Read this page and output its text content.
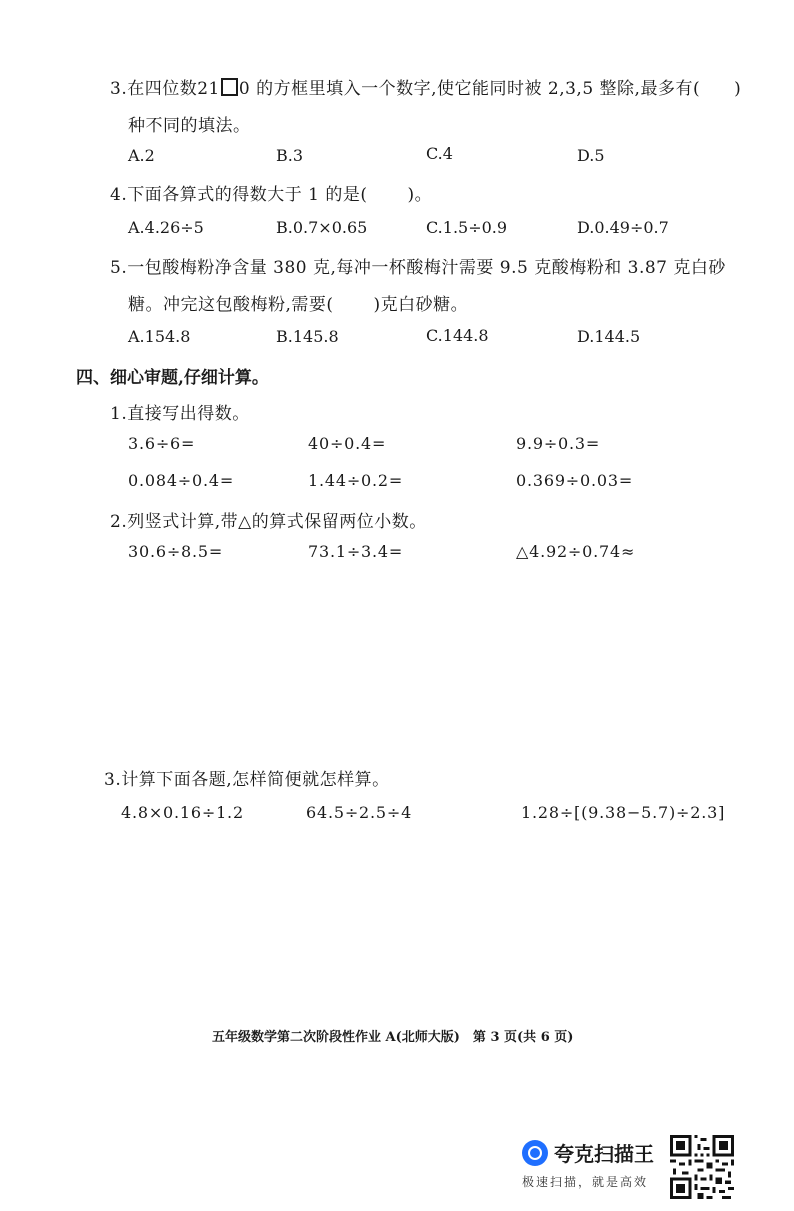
3.在四位数21 0 的方框里填入一个数字,使它能同时被 2,3,5 整除,最多有( )
种不同的填法。
A.2	B.3	C.4	D.5
4.下面各算式的得数大于 1 的是( )。
A.4.26÷5	B.0.7×0.65	C.1.5÷0.9	D.0.49÷0.7
5.一包酸梅粉净含量 380 克,每冲一杯酸梅汁需要 9.5 克酸梅粉和 3.87 克白砂
糖。冲完这包酸梅粉,需要( )克白砂糖。
A.154.8	B.145.8	C.144.8	D.144.5
四、细心审题,仔细计算。
1.直接写出得数。
3.6÷6=	40÷0.4=	9.9÷0.3=
0.084÷0.4=	1.44÷0.2=	0.369÷0.03=
2.列竖式计算,带△的算式保留两位小数。
30.6÷8.5=	73.1÷3.4=	△4.92÷0.74≈
3.计算下面各题,怎样简便就怎样算。
4.8×0.16÷1.2	64.5÷2.5÷4	1.28÷[(9.38−5.7)÷2.3]
五年级数学第二次阶段性作业 A(北师大版)　第 3 页(共 6 页)
夸克扫描王
极速扫描，就是高效
